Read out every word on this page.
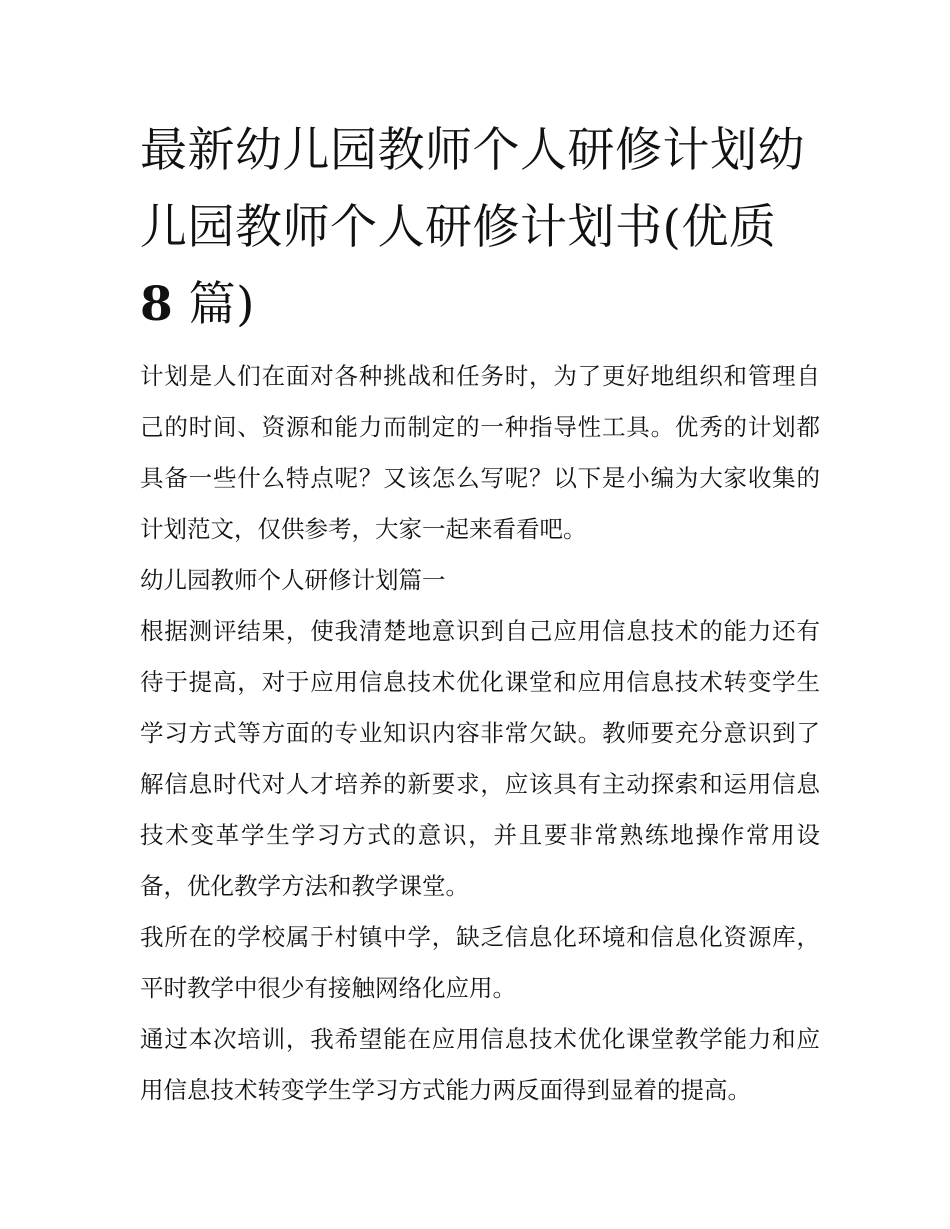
最新幼儿园教师个人研修计划幼儿园教师个人研修计划书(优质 8 篇)

计划是人们在面对各种挑战和任务时，为了更好地组织和管理自己的时间、资源和能力而制定的一种指导性工具。优秀的计划都具备一些什么特点呢？又该怎么写呢？以下是小编为大家收集的计划范文，仅供参考，大家一起来看看吧。

幼儿园教师个人研修计划篇一

根据测评结果，使我清楚地意识到自己应用信息技术的能力还有待于提高，对于应用信息技术优化课堂和应用信息技术转变学生学习方式等方面的专业知识内容非常欠缺。教师要充分意识到了解信息时代对人才培养的新要求，应该具有主动探索和运用信息技术变革学生学习方式的意识，并且要非常熟练地操作常用设备，优化教学方法和教学课堂。

我所在的学校属于村镇中学，缺乏信息化环境和信息化资源库，平时教学中很少有接触网络化应用。

通过本次培训，我希望能在应用信息技术优化课堂教学能力和应用信息技术转变学生学习方式能力两反面得到显着的提高。
